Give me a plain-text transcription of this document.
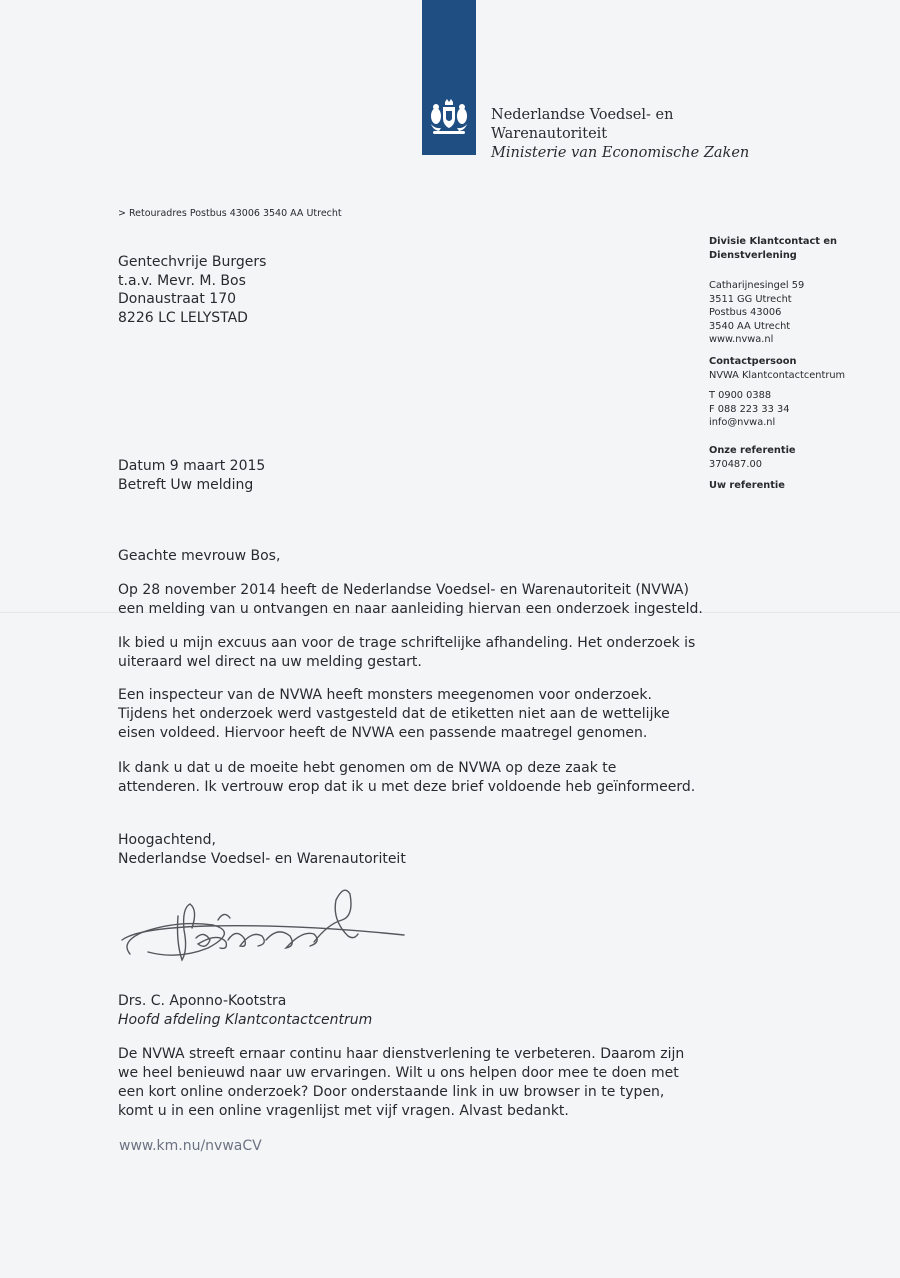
Nederlandse Voedsel- en
Warenautoriteit
Ministerie van Economische Zaken
> Retouradres Postbus 43006 3540 AA Utrecht
Gentechvrije Burgers
t.a.v. Mevr. M. Bos
Donaustraat 170
8226 LC LELYSTAD
Divisie Klantcontact en
Dienstverlening
Catharijnesingel 59
3511 GG Utrecht
Postbus 43006
3540 AA Utrecht
www.nvwa.nl
Contactpersoon
NVWA Klantcontactcentrum
T 0900 0388
F 088 223 33 34
info@nvwa.nl
Onze referentie
370487.00
Uw referentie
Datum 9 maart 2015
Betreft Uw melding
Geachte mevrouw Bos,
Op 28 november 2014 heeft de Nederlandse Voedsel- en Warenautoriteit (NVWA)
een melding van u ontvangen en naar aanleiding hiervan een onderzoek ingesteld.
Ik bied u mijn excuus aan voor de trage schriftelijke afhandeling. Het onderzoek is
uiteraard wel direct na uw melding gestart.
Een inspecteur van de NVWA heeft monsters meegenomen voor onderzoek.
Tijdens het onderzoek werd vastgesteld dat de etiketten niet aan de wettelijke
eisen voldeed. Hiervoor heeft de NVWA een passende maatregel genomen.
Ik dank u dat u de moeite hebt genomen om de NVWA op deze zaak te
attenderen. Ik vertrouw erop dat ik u met deze brief voldoende heb geïnformeerd.
Hoogachtend,
Nederlandse Voedsel- en Warenautoriteit
Drs. C. Aponno-Kootstra
Hoofd afdeling Klantcontactcentrum
De NVWA streeft ernaar continu haar dienstverlening te verbeteren. Daarom zijn
we heel benieuwd naar uw ervaringen. Wilt u ons helpen door mee te doen met
een kort online onderzoek? Door onderstaande link in uw browser in te typen,
komt u in een online vragenlijst met vijf vragen. Alvast bedankt.
www.km.nu/nvwaCV
